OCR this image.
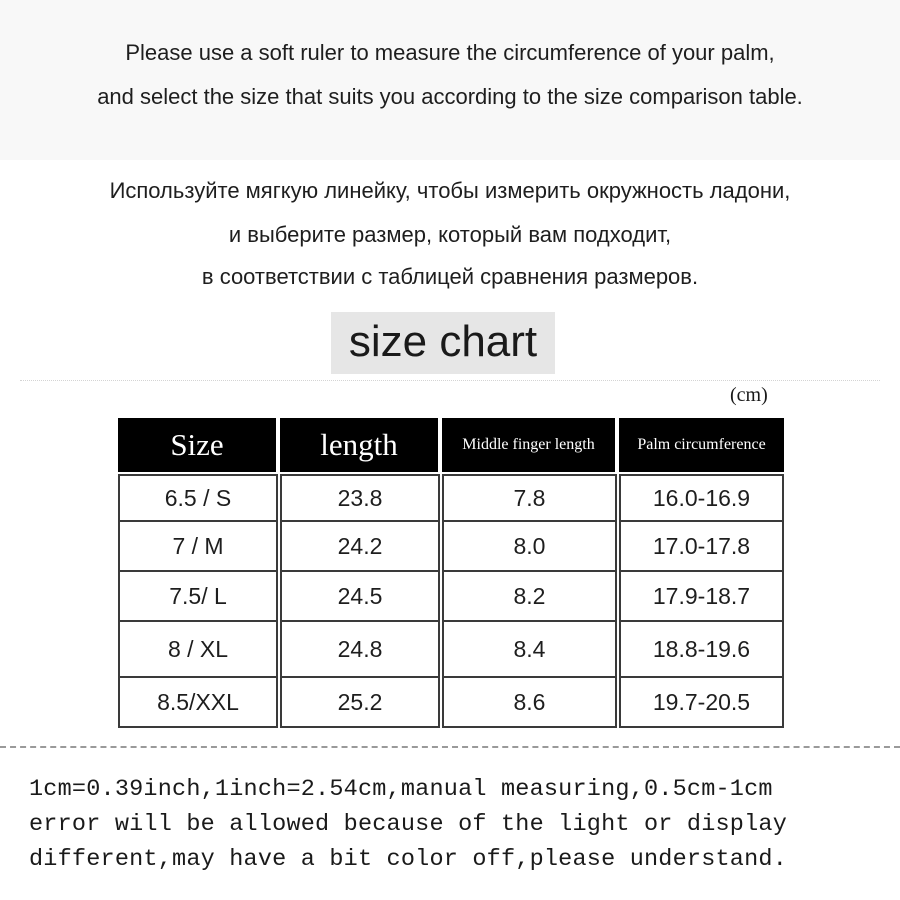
Please use a soft ruler to measure the circumference of your palm,
and select the size that suits you according to the size comparison table.
Используйте мягкую линейку, чтобы измерить окружность ладони,
и выберите размер, который вам подходит,
в соответствии с таблицей сравнения размеров.
size chart
(cm)
Size	length	Middle finger length	Palm circumference
6.5 / S	23.8	7.8	16.0-16.9
7 / M	24.2	8.0	17.0-17.8
7.5/ L	24.5	8.2	17.9-18.7
8 / XL	24.8	8.4	18.8-19.6
8.5/XXL	25.2	8.6	19.7-20.5
1cm=0.39inch,1inch=2.54cm,manual measuring,0.5cm-1cm
error will be allowed because of the light or display
different,may have a bit color off,please understand.
